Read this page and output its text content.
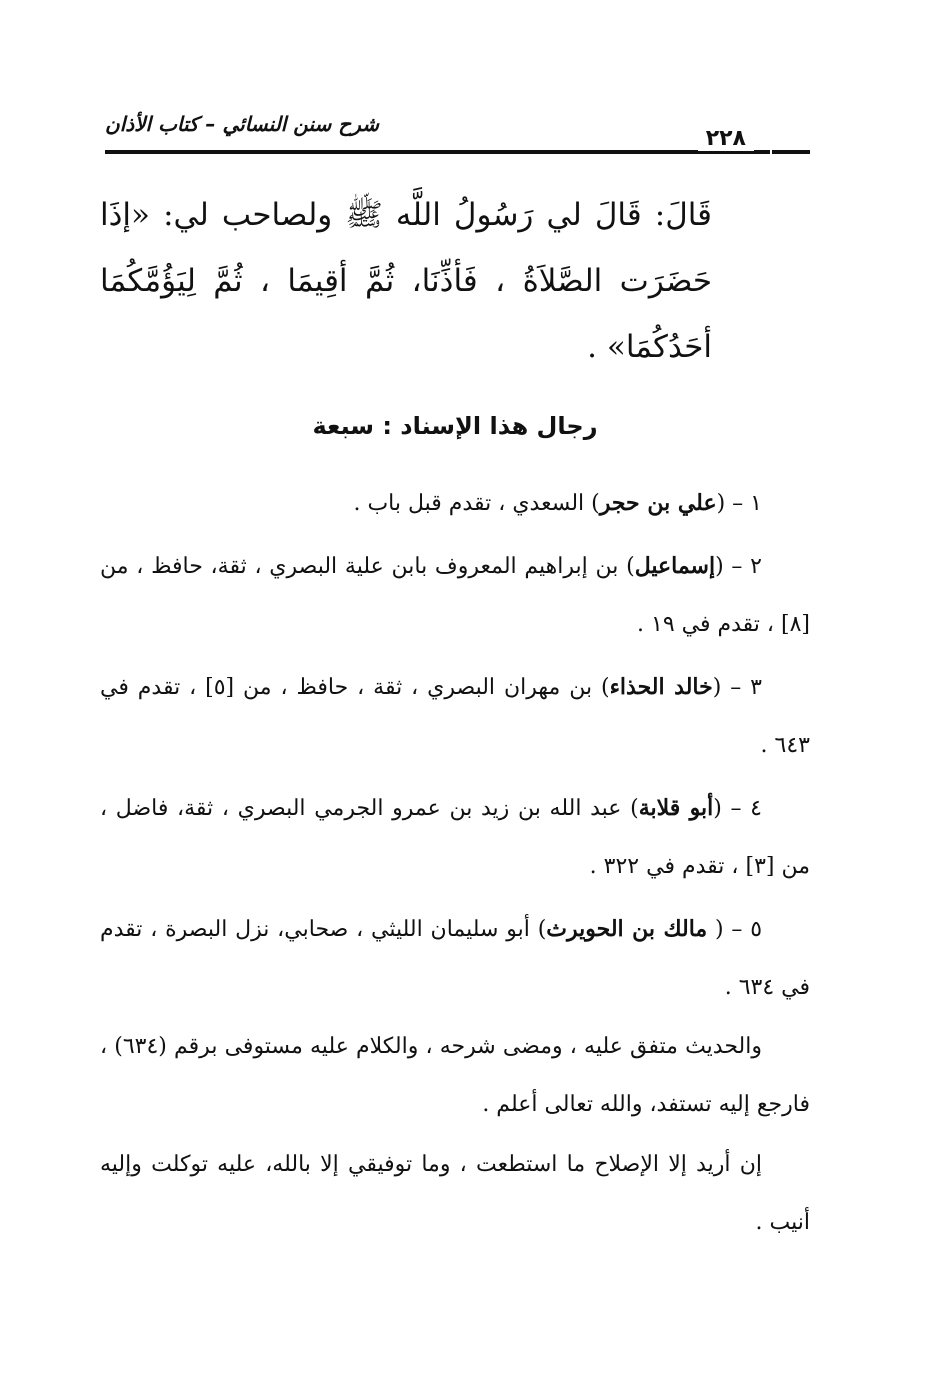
شرح سنن النسائي – كتاب الأذان
٢٢٨

قَالَ: قَالَ لي رَسُولُ اللَّه ﷺ ولصاحب لي: «إذَا حَضَرَت الصَّلاَةُ ، فَأذِّنَا، ثُمَّ أقِيمَا ، ثُمَّ لِيَؤُمَّكُمَا أحَدُكُمَا» .

رجال هذا الإسناد : سبعة

١ – (علي بن حجر) السعدي ، تقدم قبل باب .

٢ – (إسماعيل) بن إبراهيم المعروف بابن علية البصري ، ثقة، حافظ ، من [٨] ، تقدم في ١٩ .

٣ – (خالد الحذاء) بن مهران البصري ، ثقة ، حافظ ، من [٥] ، تقدم في ٦٤٣ .

٤ – (أبو قلابة) عبد الله بن زيد بن عمرو الجرمي البصري ، ثقة، فاضل ، من [٣] ، تقدم في ٣٢٢ .

٥ – ( مالك بن الحويرث) أبو سليمان الليثي ، صحابي، نزل البصرة ، تقدم في ٦٣٤ .

والحديث متفق عليه ، ومضى شرحه ، والكلام عليه مستوفى برقم (٦٣٤) ، فارجع إليه تستفد، والله تعالى أعلم .

إن أريد إلا الإصلاح ما استطعت ، وما توفيقي إلا بالله، عليه توكلت وإليه أنيب .
